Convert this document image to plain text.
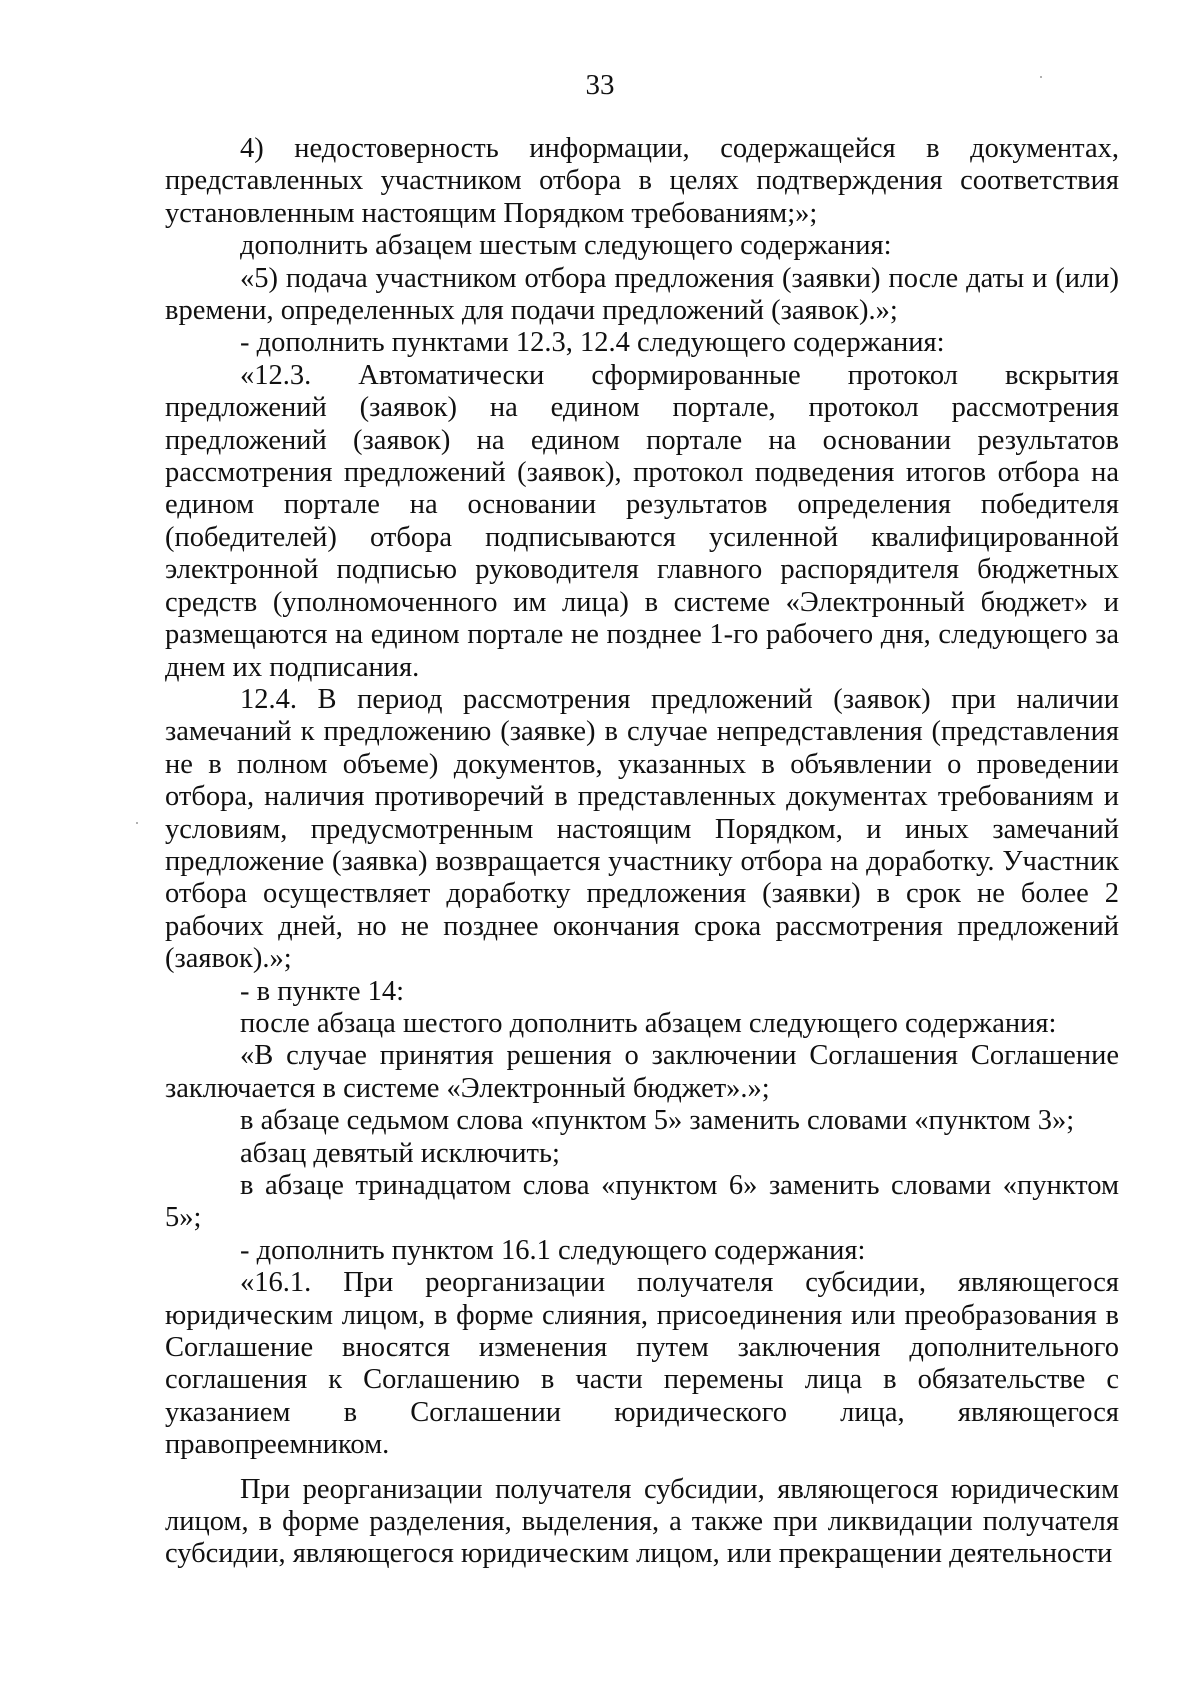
33

4) недостоверность информации, содержащейся в документах, представленных участником отбора в целях подтверждения соответствия установленным настоящим Порядком требованиям;»;

дополнить абзацем шестым следующего содержания:

«5) подача участником отбора предложения (заявки) после даты и (или) времени, определенных для подачи предложений (заявок).»;

- дополнить пунктами 12.3, 12.4 следующего содержания:

«12.3. Автоматически сформированные протокол вскрытия предложений (заявок) на едином портале, протокол рассмотрения предложений (заявок) на едином портале на основании результатов рассмотрения предложений (заявок), протокол подведения итогов отбора на едином портале на основании результатов определения победителя (победителей) отбора подписываются усиленной квалифицированной электронной подписью руководителя главного распорядителя бюджетных средств (уполномоченного им лица) в системе «Электронный бюджет» и размещаются на едином портале не позднее 1-го рабочего дня, следующего за днем их подписания.

12.4. В период рассмотрения предложений (заявок) при наличии замечаний к предложению (заявке) в случае непредставления (представления не в полном объеме) документов, указанных в объявлении о проведении отбора, наличия противоречий в представленных документах требованиям и условиям, предусмотренным настоящим Порядком, и иных замечаний предложение (заявка) возвращается участнику отбора на доработку. Участник отбора осуществляет доработку предложения (заявки) в срок не более 2 рабочих дней, но не позднее окончания срока рассмотрения предложений (заявок).»;

- в пункте 14:

после абзаца шестого дополнить абзацем следующего содержания:

«В случае принятия решения о заключении Соглашения Соглашение заключается в системе «Электронный бюджет».»;

в абзаце седьмом слова «пунктом 5» заменить словами «пунктом 3»;

абзац девятый исключить;

в абзаце тринадцатом слова «пунктом 6» заменить словами «пунктом 5»;

- дополнить пунктом 16.1 следующего содержания:

«16.1. При реорганизации получателя субсидии, являющегося юридическим лицом, в форме слияния, присоединения или преобразования в Соглашение вносятся изменения путем заключения дополнительного соглашения к Соглашению в части перемены лица в обязательстве с указанием в Соглашении юридического лица, являющегося правопреемником.

При реорганизации получателя субсидии, являющегося юридическим лицом, в форме разделения, выделения, а также при ликвидации получателя субсидии, являющегося юридическим лицом, или прекращении деятельности
